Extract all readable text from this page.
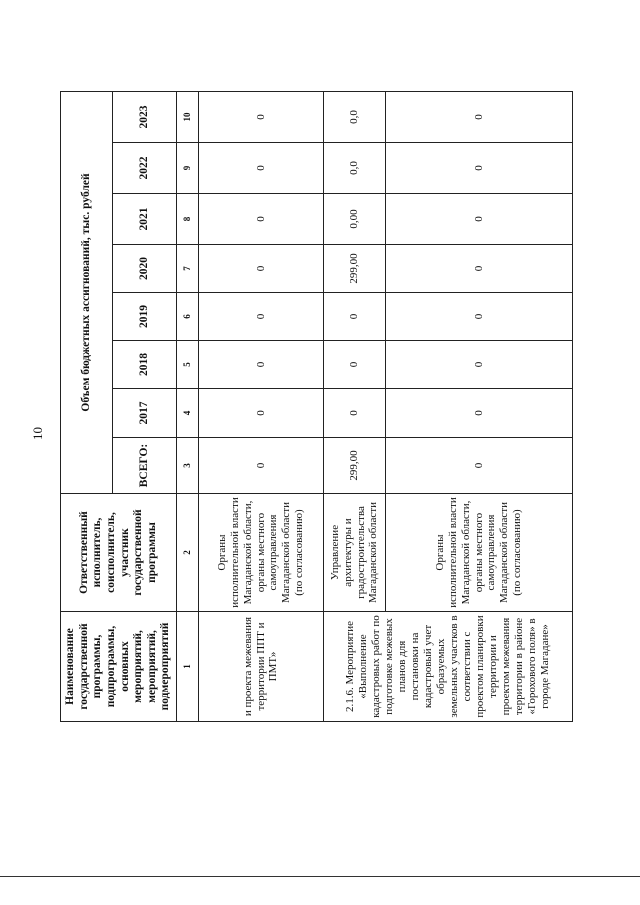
10
Наименование государственной программы, подпрограммы, основных мероприятий, мероприятий, подмероприятий	Ответственный исполнитель, соисполнитель, участник государственной программы	Объем бюджетных ассигнований, тыс. рублей							
		ВСЕГО:	2017	2018	2019	2020	2021	2022	2023
1	2	3	4	5	6	7	8	9	10
и проекта межевания территории ППТ и ПМТ»	Органы исполнительной власти Магаданской области, органы местного самоуправления Магаданской области (по согласованию)	0	0	0	0	0	0	0	0
2.1.6. Мероприятие «Выполнение кадастровых работ по подготовке межевых планов для постановки на кадастровый учет образуемых земельных участков в соответствии с проектом планировки территории и проектом межевания территории в районе «Горохового поля» в городе Магадане»	Управление архитектуры и градостроительства Магаданской области	299,00	0	0	0	299,00	0,00	0,0	0,0
	Органы исполнительной власти Магаданской области, органы местного самоуправления Магаданской области (по согласованию)	0	0	0	0	0	0	0	0
